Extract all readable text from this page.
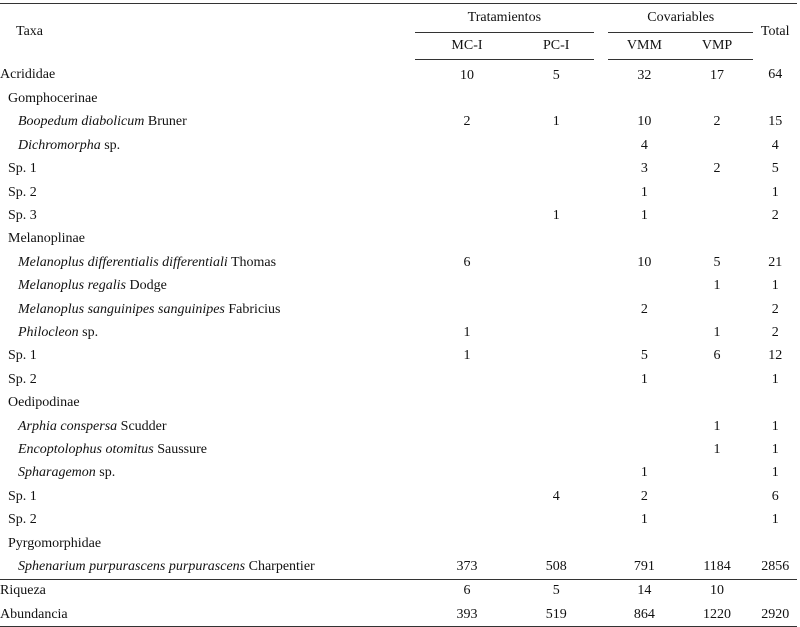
Taxa	Tratamientos			Covariables		Total
	MC-I	PC-I		VMM	VMP	
Acrididae	10	5		32	17	64
Gomphocerinae						
Boopedum diabolicum Bruner	2	1		10	2	15
Dichromorpha sp.				4		4
Sp. 1				3	2	5
Sp. 2				1		1
Sp. 3		1		1		2
Melanoplinae						
Melanoplus differentialis differentiali Thomas	6			10	5	21
Melanoplus regalis Dodge					1	1
Melanoplus sanguinipes sanguinipes Fabricius				2		2
Philocleon sp.	1				1	2
Sp. 1	1			5	6	12
Sp. 2				1		1
Oedipodinae						
Arphia conspersa Scudder					1	1
Encoptolophus otomitus Saussure					1	1
Spharagemon sp.				1		1
Sp. 1		4		2		6
Sp. 2				1		1
Pyrgomorphidae						
Sphenarium purpurascens purpurascens Charpentier	373	508		791	1184	2856
Riqueza	6	5		14	10	
Abundancia	393	519		864	1220	2920
